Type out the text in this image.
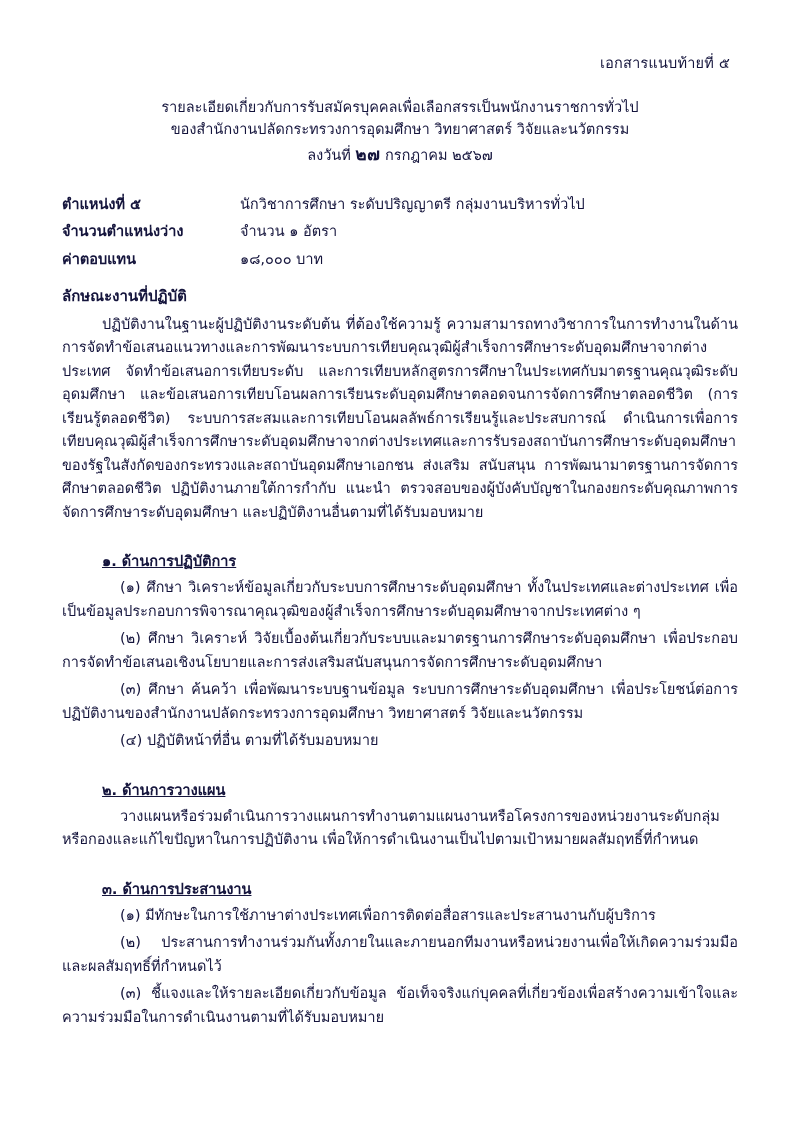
เอกสารแนบท้ายที่ ๕
รายละเอียดเกี่ยวกับการรับสมัครบุคคลเพื่อเลือกสรรเป็นพนักงานราชการทั่วไป
ของสำนักงานปลัดกระทรวงการอุดมศึกษา วิทยาศาสตร์ วิจัยและนวัตกรรม
ลงวันที่ ๒๗ กรกฎาคม ๒๕๖๗
ตำแหน่งที่ ๕	นักวิชาการศึกษา ระดับปริญญาตรี กลุ่มงานบริหารทั่วไป
จำนวนตำแหน่งว่าง	จำนวน ๑ อัตรา
ค่าตอบแทน	๑๘,๐๐๐ บาท
ลักษณะงานที่ปฏิบัติ
ปฏิบัติงานในฐานะผู้ปฏิบัติงานระดับต้น ที่ต้องใช้ความรู้ ความสามารถทางวิชาการในการทำงานในด้านการจัดทำข้อเสนอแนวทางและการพัฒนาระบบการเทียบคุณวุฒิผู้สำเร็จการศึกษาระดับอุดมศึกษาจากต่างประเทศ จัดทำข้อเสนอการเทียบระดับ และการเทียบหลักสูตรการศึกษาในประเทศกับมาตรฐานคุณวุฒิระดับอุดมศึกษา และข้อเสนอการเทียบโอนผลการเรียนระดับอุดมศึกษาตลอดจนการจัดการศึกษาตลอดชีวิต (การเรียนรู้ตลอดชีวิต) ระบบการสะสมและการเทียบโอนผลลัพธ์การเรียนรู้และประสบการณ์ ดำเนินการเพื่อการเทียบคุณวุฒิผู้สำเร็จการศึกษาระดับอุดมศึกษาจากต่างประเทศและการรับรองสถาบันการศึกษาระดับอุดมศึกษาของรัฐในสังกัดของกระทรวงและสถาบันอุดมศึกษาเอกชน ส่งเสริม สนับสนุน การพัฒนามาตรฐานการจัดการศึกษาตลอดชีวิต ปฏิบัติงานภายใต้การกำกับ แนะนำ ตรวจสอบของผู้บังคับบัญชาในกองยกระดับคุณภาพการจัดการศึกษาระดับอุดมศึกษา และปฏิบัติงานอื่นตามที่ได้รับมอบหมาย
๑. ด้านการปฏิบัติการ
(๑) ศึกษา วิเคราะห์ข้อมูลเกี่ยวกับระบบการศึกษาระดับอุดมศึกษา ทั้งในประเทศและต่างประเทศ เพื่อเป็นข้อมูลประกอบการพิจารณาคุณวุฒิของผู้สำเร็จการศึกษาระดับอุดมศึกษาจากประเทศต่าง ๆ
(๒) ศึกษา วิเคราะห์ วิจัยเบื้องต้นเกี่ยวกับระบบและมาตรฐานการศึกษาระดับอุดมศึกษา เพื่อประกอบการจัดทำข้อเสนอเชิงนโยบายและการส่งเสริมสนับสนุนการจัดการศึกษาระดับอุดมศึกษา
(๓) ศึกษา ค้นคว้า เพื่อพัฒนาระบบฐานข้อมูล ระบบการศึกษาระดับอุดมศึกษา เพื่อประโยชน์ต่อการปฏิบัติงานของสำนักงานปลัดกระทรวงการอุดมศึกษา วิทยาศาสตร์ วิจัยและนวัตกรรม
(๔) ปฏิบัติหน้าที่อื่น ตามที่ได้รับมอบหมาย
๒. ด้านการวางแผน
วางแผนหรือร่วมดำเนินการวางแผนการทำงานตามแผนงานหรือโครงการของหน่วยงานระดับกลุ่มหรือกองและแก้ไขปัญหาในการปฏิบัติงาน เพื่อให้การดำเนินงานเป็นไปตามเป้าหมายผลสัมฤทธิ์ที่กำหนด
๓. ด้านการประสานงาน
(๑) มีทักษะในการใช้ภาษาต่างประเทศเพื่อการติดต่อสื่อสารและประสานงานกับผู้บริการ
(๒) ประสานการทำงานร่วมกันทั้งภายในและภายนอกทีมงานหรือหน่วยงานเพื่อให้เกิดความร่วมมือและผลสัมฤทธิ์ที่กำหนดไว้
(๓) ชี้แจงและให้รายละเอียดเกี่ยวกับข้อมูล ข้อเท็จจริงแก่บุคคลที่เกี่ยวข้องเพื่อสร้างความเข้าใจและความร่วมมือในการดำเนินงานตามที่ได้รับมอบหมาย
